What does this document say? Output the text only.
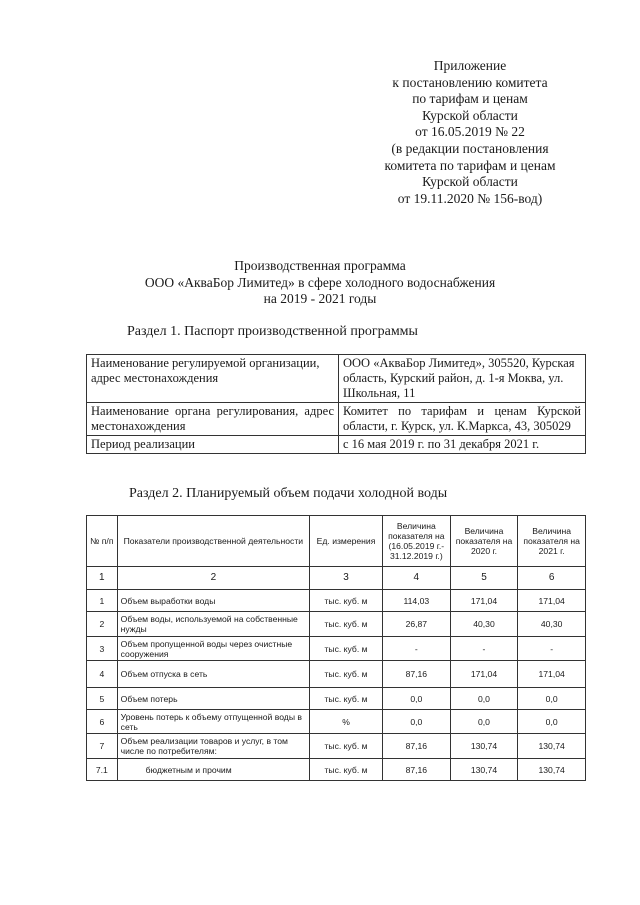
Приложение
к постановлению комитета
по тарифам и ценам
Курской области
от 16.05.2019 № 22
(в редакции постановления
комитета по тарифам и ценам
Курской области
от 19.11.2020 № 156-вод)
Производственная программа
ООО «АкваБор Лимитед» в сфере холодного водоснабжения
на 2019 - 2021 годы
Раздел 1. Паспорт производственной программы
Наименование регулируемой организации, адрес местонахождения	ООО «АкваБор Лимитед», 305520, Курская область, Курский район, д. 1-я Моква, ул. Школьная, 11
Наименование органа регулирования, адрес местонахождения	Комитет по тарифам и ценам Курской области, г. Курск, ул. К.Маркса, 43, 305029
Период реализации	с 16 мая 2019 г. по 31 декабря 2021 г.
Раздел 2. Планируемый объем подачи холодной воды
№ п/п	Показатели производственной деятельности	Ед. измерения	Величина показателя на (16.05.2019 г.- 31.12.2019 г.)	Величина показателя на 2020 г.	Величина показателя на 2021 г.
1	2	3	4	5	6
1	Объем выработки воды	тыс. куб. м	114,03	171,04	171,04
2	Объем воды, используемой на собственные нужды	тыс. куб. м	26,87	40,30	40,30
3	Объем пропущенной воды через очистные сооружения	тыс. куб. м	-	-	-
4	Объем отпуска в сеть	тыс. куб. м	87,16	171,04	171,04
5	Объем потерь	тыс. куб. м	0,0	0,0	0,0
6	Уровень потерь к объему отпущенной воды в сеть	%	0,0	0,0	0,0
7	Объем реализации товаров и услуг, в том числе по потребителям:	тыс. куб. м	87,16	130,74	130,74
7.1	бюджетным и прочим	тыс. куб. м	87,16	130,74	130,74
